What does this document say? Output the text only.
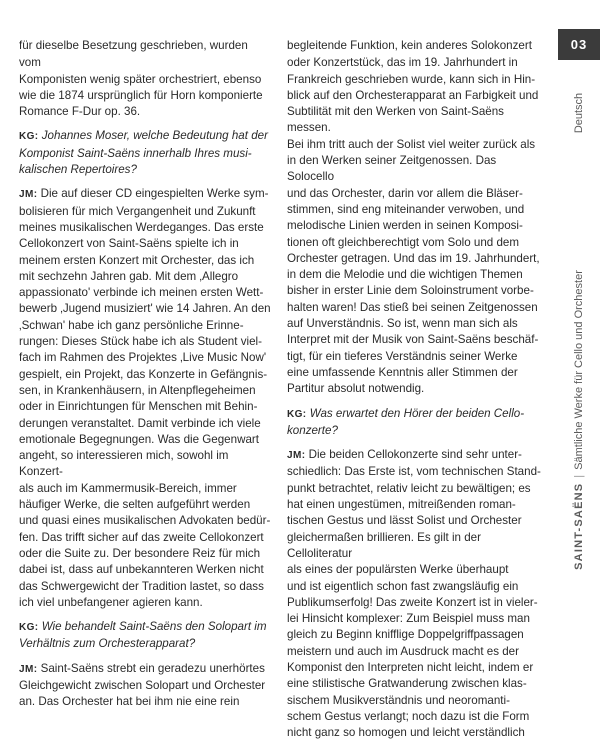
für dieselbe Besetzung geschrieben, wurden vom
Komponisten wenig später orchestriert, ebenso
wie die 1874 ursprünglich für Horn komponierte
Romance F-Dur op. 36.

KG: Johannes Moser, welche Bedeutung hat der
Komponist Saint-Saëns innerhalb Ihres musi-
kalischen Repertoires?

JM: Die auf dieser CD eingespielten Werke sym-
bolisieren für mich Vergangenheit und Zukunft
meines musikalischen Werdeganges. Das erste
Cellokonzert von Saint-Saëns spielte ich in
meinem ersten Konzert mit Orchester, das ich
mit sechzehn Jahren gab. Mit dem ‚Allegro
appassionato' verbinde ich meinen ersten Wett-
bewerb ‚Jugend musiziert' wie 14 Jahren. An den
‚Schwan' habe ich ganz persönliche Erinne-
rungen: Dieses Stück habe ich als Student viel-
fach im Rahmen des Projektes ‚Live Music Now'
gespielt, ein Projekt, das Konzerte in Gefängnis-
sen, in Krankenhäusern, in Altenpflegeheimen
oder in Einrichtungen für Menschen mit Behin-
derungen veranstaltet. Damit verbinde ich viele
emotionale Begegnungen. Was die Gegenwart
angeht, so interessieren mich, sowohl im Konzert-
als auch im Kammermusik-Bereich, immer
häufiger Werke, die selten aufgeführt werden
und quasi eines musikalischen Advokaten bedür-
fen. Das trifft sicher auf das zweite Cellokonzert
oder die Suite zu. Der besondere Reiz für mich
dabei ist, dass auf unbekannteren Werken nicht
das Schwergewicht der Tradition lastet, so dass
ich viel unbefangener agieren kann.

KG: Wie behandelt Saint-Saëns den Solopart im
Verhältnis zum Orchesterapparat?

JM: Saint-Saëns strebt ein geradezu unerhörtes
Gleichgewicht zwischen Solopart und Orchester
an. Das Orchester hat bei ihm nie eine rein

begleitende Funktion, kein anderes Solokonzert
oder Konzertstück, das im 19. Jahrhundert in
Frankreich geschrieben wurde, kann sich in Hin-
blick auf den Orchesterapparat an Farbigkeit und
Subtilität mit den Werken von Saint-Saëns messen.
Bei ihm tritt auch der Solist viel weiter zurück als
in den Werken seiner Zeitgenossen. Das Solocello
und das Orchester, darin vor allem die Bläser-
stimmen, sind eng miteinander verwoben, und
melodische Linien werden in seinen Komposi-
tionen oft gleichberechtigt vom Solo und dem
Orchester getragen. Und das im 19. Jahrhundert,
in dem die Melodie und die wichtigen Themen
bisher in erster Linie dem Soloinstrument vorbe-
halten waren! Das stieß bei seinen Zeitgenossen
auf Unverständnis. So ist, wenn man sich als
Interpret mit der Musik von Saint-Saëns beschäf-
tigt, für ein tieferes Verständnis seiner Werke
eine umfassende Kenntnis aller Stimmen der
Partitur absolut notwendig.

KG: Was erwartet den Hörer der beiden Cello-
konzerte?

JM: Die beiden Cellokonzerte sind sehr unter-
schiedlich: Das Erste ist, vom technischen Stand-
punkt betrachtet, relativ leicht zu bewältigen; es
hat einen ungestümen, mitreißenden roman-
tischen Gestus und lässt Solist und Orchester
gleichermaßen brillieren. Es gilt in der Celloliteratur
als eines der populärsten Werke überhaupt
und ist eigentlich schon fast zwangsläufig ein
Publikumserfolg! Das zweite Konzert ist in vieler-
lei Hinsicht komplexer: Zum Beispiel muss man
gleich zu Beginn knifflige Doppelgriffpassagen
meistern und auch im Ausdruck macht es der
Komponist den Interpreten nicht leicht, indem er
eine stilistische Gratwanderung zwischen klas-
sischem Musikverständnis und neoromanti-
schem Gestus verlangt; noch dazu ist die Form
nicht ganz so homogen und leicht verständlich

03
Deutsch
SAINT-SAËNS|Sämtliche Werke für Cello und Orchester
